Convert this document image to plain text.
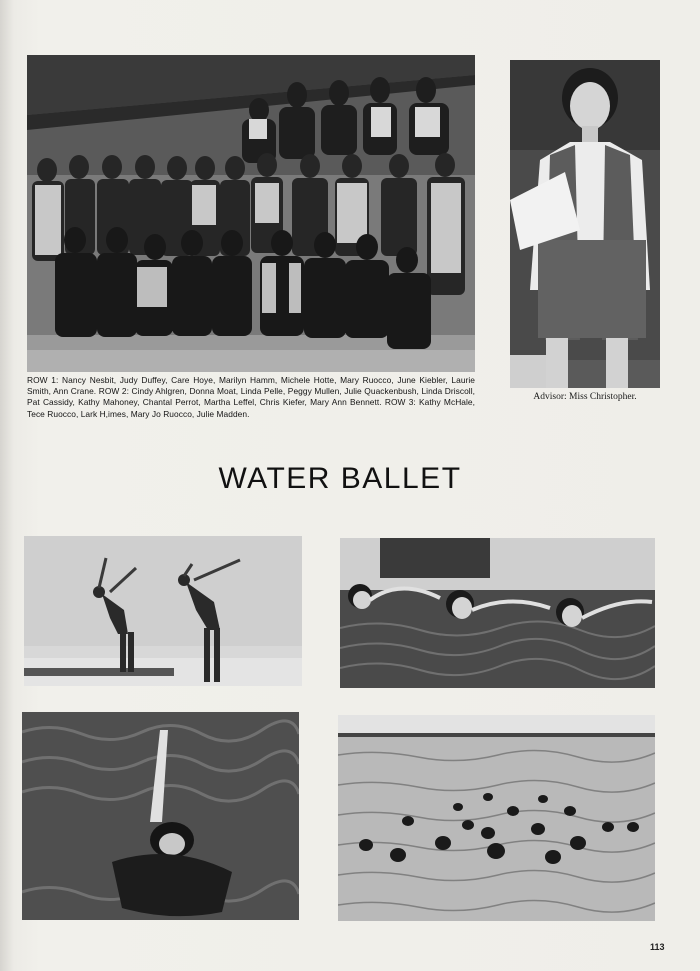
ROW 1: Nancy Nesbit, Judy Duffey, Care Hoye, Marilyn Hamm, Michele Hotte, Mary Ruocco, June Kiebler, Laurie Smith, Ann Crane. ROW 2: Cindy Ahlgren, Donna Moat, Linda Pelle, Peggy Mullen, Julie Quackenbush, Linda Driscoll, Pat Cassidy, Kathy Mahoney, Chantal Perrot, Martha Leffel, Chris Kiefer, Mary Ann Bennett. ROW 3: Kathy McHale, Tece Ruocco, Lark H,imes, Mary Jo Ruocco, Julie Madden.
Advisor: Miss Christopher.
WATER BALLET
113
